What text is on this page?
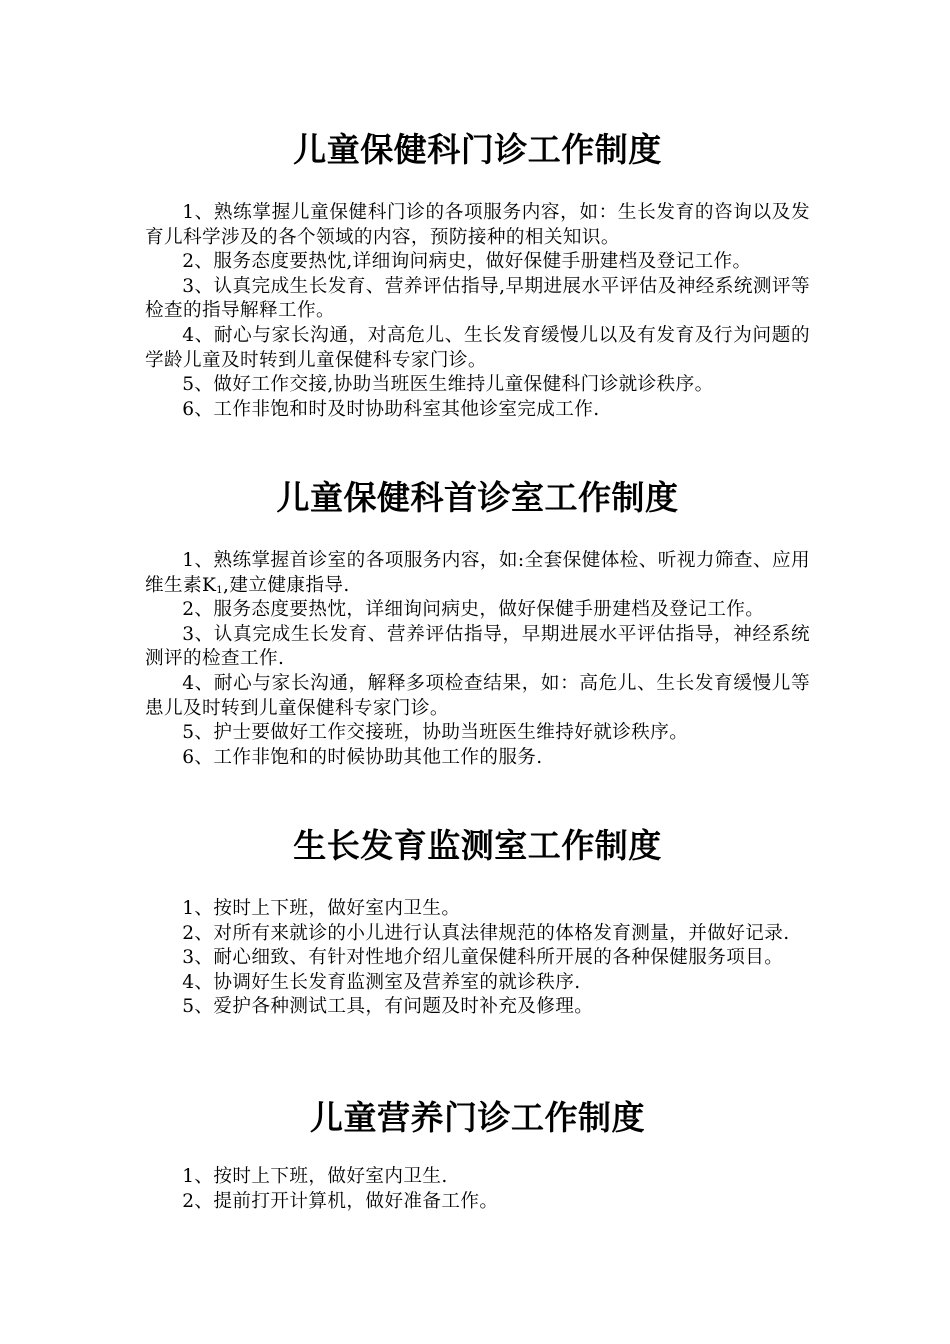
儿童保健科门诊工作制度
1、熟练掌握儿童保健科门诊的各项服务内容，如：生长发育的咨询以及发育儿科学涉及的各个领域的内容，预防接种的相关知识。
2、服务态度要热忱,详细询问病史，做好保健手册建档及登记工作。
3、认真完成生长发育、营养评估指导,早期进展水平评估及神经系统测评等检查的指导解释工作。
4、耐心与家长沟通，对高危儿、生长发育缓慢儿以及有发育及行为问题的学龄儿童及时转到儿童保健科专家门诊。
5、做好工作交接,协助当班医生维持儿童保健科门诊就诊秩序。
6、工作非饱和时及时协助科室其他诊室完成工作.
儿童保健科首诊室工作制度
1、熟练掌握首诊室的各项服务内容，如:全套保健体检、听视力筛查、应用维生素$K_1$,建立健康指导.
2、服务态度要热忱，详细询问病史，做好保健手册建档及登记工作。
3、认真完成生长发育、营养评估指导，早期进展水平评估指导，神经系统测评的检查工作.
4、耐心与家长沟通，解释多项检查结果，如：高危儿、生长发育缓慢儿等患儿及时转到儿童保健科专家门诊。
5、护士要做好工作交接班，协助当班医生维持好就诊秩序。
6、工作非饱和的时候协助其他工作的服务.
生长发育监测室工作制度
1、按时上下班，做好室内卫生。
2、对所有来就诊的小儿进行认真法律规范的体格发育测量，并做好记录.
3、耐心细致、有针对性地介绍儿童保健科所开展的各种保健服务项目。
4、协调好生长发育监测室及营养室的就诊秩序.
5、爱护各种测试工具，有问题及时补充及修理。
儿童营养门诊工作制度
1、按时上下班，做好室内卫生.
2、提前打开计算机，做好准备工作。
